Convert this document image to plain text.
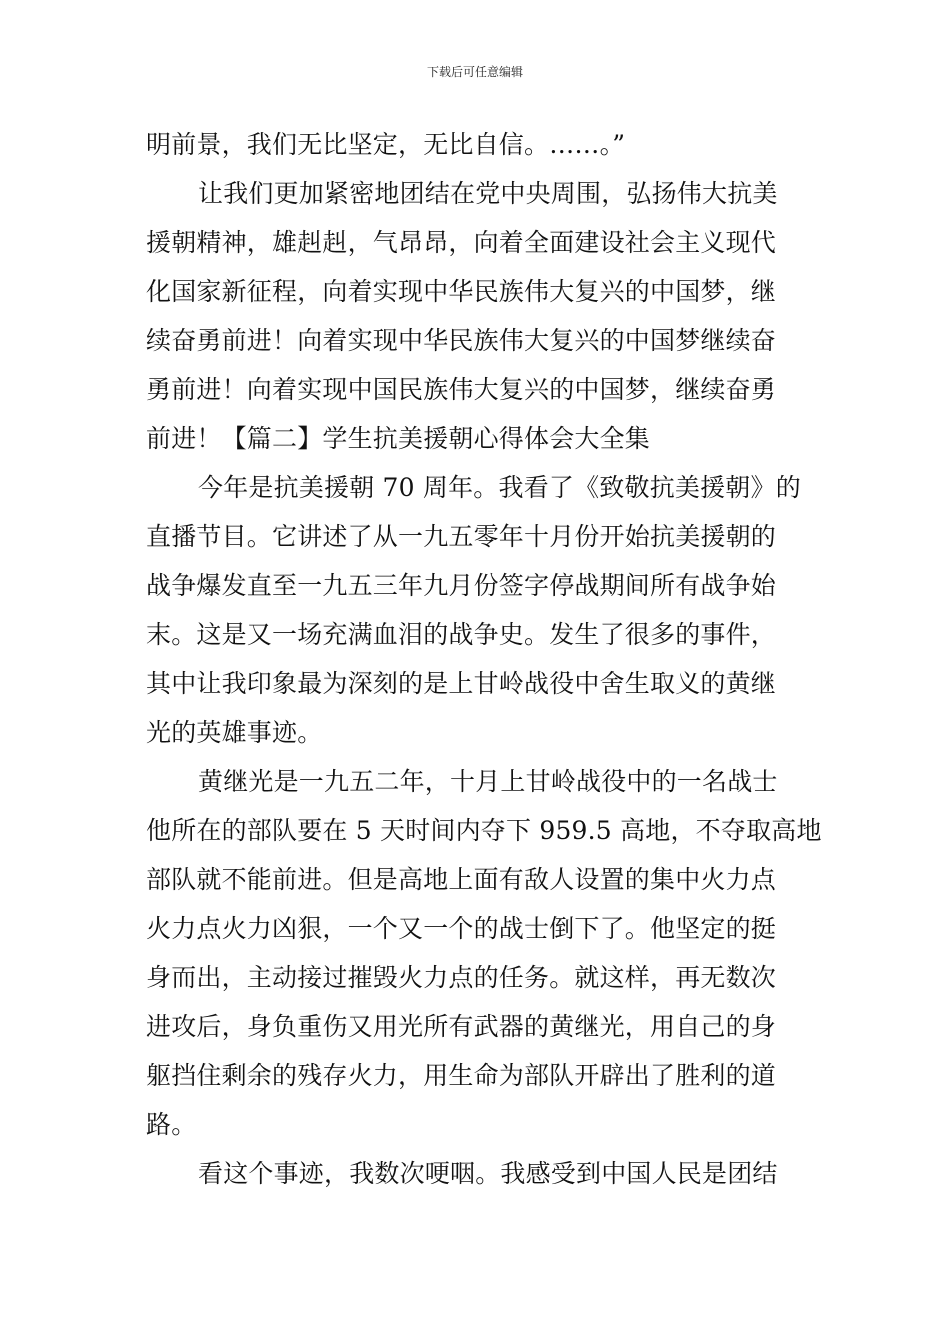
下载后可任意编辑
明前景，我们无比坚定，无比自信。……。”
让我们更加紧密地团结在党中央周围，弘扬伟大抗美
援朝精神，雄赳赳，气昂昂，向着全面建设社会主义现代
化国家新征程，向着实现中华民族伟大复兴的中国梦，继
续奋勇前进！向着实现中华民族伟大复兴的中国梦继续奋
勇前进！向着实现中国民族伟大复兴的中国梦，继续奋勇
前进！【篇二】学生抗美援朝心得体会大全集
今年是抗美援朝 70 周年。我看了《致敬抗美援朝》的
直播节目。它讲述了从一九五零年十月份开始抗美援朝的
战争爆发直至一九五三年九月份签字停战期间所有战争始
末。这是又一场充满血泪的战争史。发生了很多的事件，
其中让我印象最为深刻的是上甘岭战役中舍生取义的黄继
光的英雄事迹。
黄继光是一九五二年，十月上甘岭战役中的一名战士
他所在的部队要在 5 天时间内夺下 959.5 高地，不夺取高地
部队就不能前进。但是高地上面有敌人设置的集中火力点
火力点火力凶狠，一个又一个的战士倒下了。他坚定的挺
身而出，主动接过摧毁火力点的任务。就这样，再无数次
进攻后，身负重伤又用光所有武器的黄继光，用自己的身
躯挡住剩余的残存火力，用生命为部队开辟出了胜利的道
路。
看这个事迹，我数次哽咽。我感受到中国人民是团结
